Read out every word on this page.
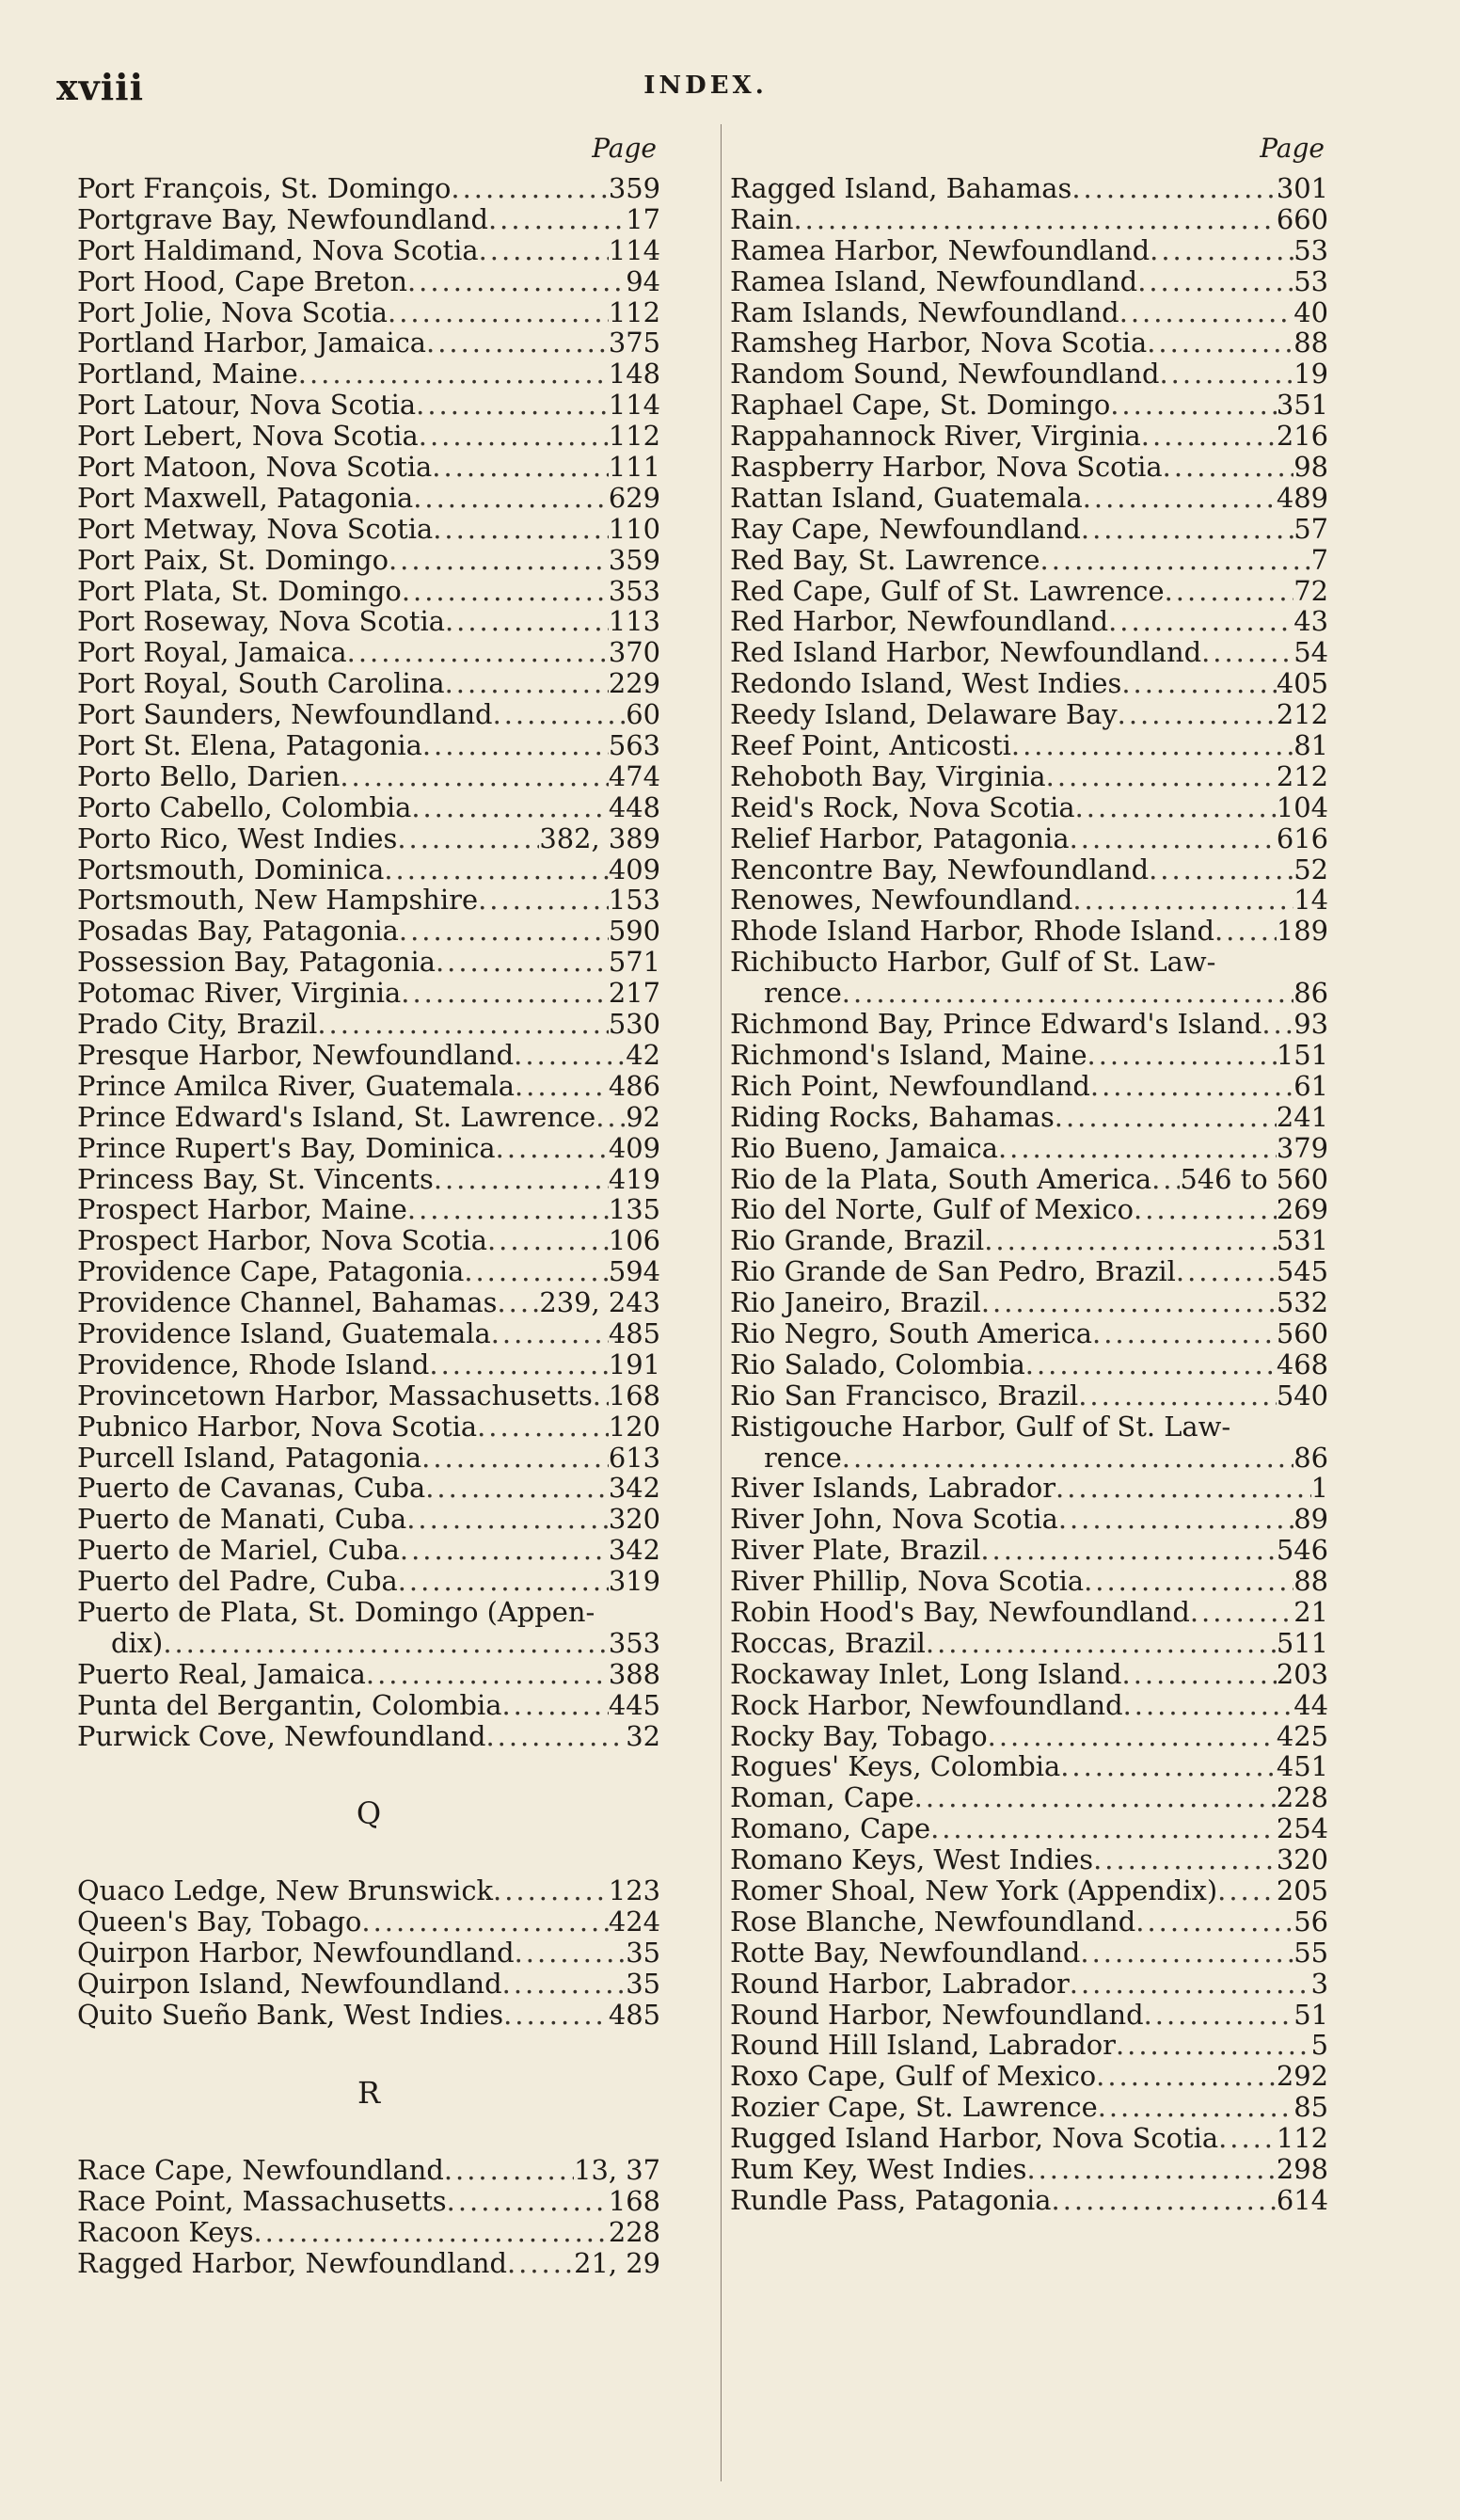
xviii	INDEX.
Page
Port François, St. Domingo .....	359
Portgrave Bay, Newfoundland .....	17
Port Haldimand, Nova Scotia .....	114
Port Hood, Cape Breton .....	94
Port Jolie, Nova Scotia .....	112
Portland Harbor, Jamaica .....	375
Portland, Maine .....	148
Port Latour, Nova Scotia .....	114
Port Lebert, Nova Scotia .....	112
Port Matoon, Nova Scotia .....	111
Port Maxwell, Patagonia .....	629
Port Metway, Nova Scotia .....	110
Port Paix, St. Domingo .....	359
Port Plata, St. Domingo .....	353
Port Roseway, Nova Scotia .....	113
Port Royal, Jamaica .....	370
Port Royal, South Carolina .....	229
Port Saunders, Newfoundland .....	60
Port St. Elena, Patagonia .....	563
Porto Bello, Darien .....	474
Porto Cabello, Colombia .....	448
Porto Rico, West Indies .....	382, 389
Portsmouth, Dominica .....	409
Portsmouth, New Hampshire .....	153
Posadas Bay, Patagonia .....	590
Possession Bay, Patagonia .....	571
Potomac River, Virginia .....	217
Prado City, Brazil .....	530
Presque Harbor, Newfoundland .....	42
Prince Amilca River, Guatemala .....	486
Prince Edward's Island, St. Lawrence ..... 92
Prince Rupert's Bay, Dominica .....	409
Princess Bay, St. Vincents .....	419
Prospect Harbor, Maine .....	135
Prospect Harbor, Nova Scotia .....	106
Providence Cape, Patagonia .....	594
Providence Channel, Bahamas ..... 239, 243
Providence Island, Guatemala .....	485
Providence, Rhode Island .....	191
Provincetown Harbor, Massachusetts ..... 168
Pubnico Harbor, Nova Scotia .....	120
Purcell Island, Patagonia .....	613
Puerto de Cavanas, Cuba .....	342
Puerto de Manati, Cuba .....	320
Puerto de Mariel, Cuba .....	342
Puerto del Padre, Cuba .....	319
Puerto de Plata, St. Domingo (Appen-
dix) .....	353
Puerto Real, Jamaica .....	388
Punta del Bergantin, Colombia .....	445
Purwick Cove, Newfoundland .....	32
Q
Quaco Ledge, New Brunswick .....	123
Queen's Bay, Tobago .....	424
Quirpon Harbor, Newfoundland .....	35
Quirpon Island, Newfoundland .....	35
Quito Sueño Bank, West Indies .....	485
R
Race Cape, Newfoundland .....	13, 37
Race Point, Massachusetts .....	168
Racoon Keys .....	228
Ragged Harbor, Newfoundland ..... 21, 29
Page
Ragged Island, Bahamas .....	301
Rain .....	660
Ramea Harbor, Newfoundland .....	53
Ramea Island, Newfoundland .....	53
Ram Islands, Newfoundland .....	40
Ramsheg Harbor, Nova Scotia .....	88
Random Sound, Newfoundland .....	19
Raphael Cape, St. Domingo .....	351
Rappahannock River, Virginia .....	216
Raspberry Harbor, Nova Scotia .....	98
Rattan Island, Guatemala .....	489
Ray Cape, Newfoundland .....	57
Red Bay, St. Lawrence .....	7
Red Cape, Gulf of St. Lawrence .....	72
Red Harbor, Newfoundland .....	43
Red Island Harbor, Newfoundland .....	54
Redondo Island, West Indies .....	405
Reedy Island, Delaware Bay .....	212
Reef Point, Anticosti .....	81
Rehoboth Bay, Virginia .....	212
Reid's Rock, Nova Scotia .....	104
Relief Harbor, Patagonia .....	616
Rencontre Bay, Newfoundland .....	52
Renowes, Newfoundland .....	14
Rhode Island Harbor, Rhode Island ..... 189
Richibucto Harbor, Gulf of St. Law-
rence .....	86
Richmond Bay, Prince Edward's Island ..... 93
Richmond's Island, Maine .....	151
Rich Point, Newfoundland .....	61
Riding Rocks, Bahamas .....	241
Rio Bueno, Jamaica .....	379
Rio de la Plata, South America ..... 546 to 560
Rio del Norte, Gulf of Mexico .....	269
Rio Grande, Brazil .....	531
Rio Grande de San Pedro, Brazil .....	545
Rio Janeiro, Brazil .....	532
Rio Negro, South America .....	560
Rio Salado, Colombia .....	468
Rio San Francisco, Brazil .....	540
Ristigouche Harbor, Gulf of St. Law-
rence .....	86
River Islands, Labrador .....	1
River John, Nova Scotia .....	89
River Plate, Brazil .....	546
River Phillip, Nova Scotia .....	88
Robin Hood's Bay, Newfoundland .....	21
Roccas, Brazil .....	511
Rockaway Inlet, Long Island .....	203
Rock Harbor, Newfoundland .....	44
Rocky Bay, Tobago .....	425
Rogues' Keys, Colombia .....	451
Roman, Cape .....	228
Romano, Cape .....	254
Romano Keys, West Indies .....	320
Romer Shoal, New York (Appendix) ..... 205
Rose Blanche, Newfoundland .....	56
Rotte Bay, Newfoundland .....	55
Round Harbor, Labrador .....	3
Round Harbor, Newfoundland .....	51
Round Hill Island, Labrador .....	5
Roxo Cape, Gulf of Mexico .....	292
Rozier Cape, St. Lawrence .....	85
Rugged Island Harbor, Nova Scotia ..... 112
Rum Key, West Indies .....	298
Rundle Pass, Patagonia .....	614
